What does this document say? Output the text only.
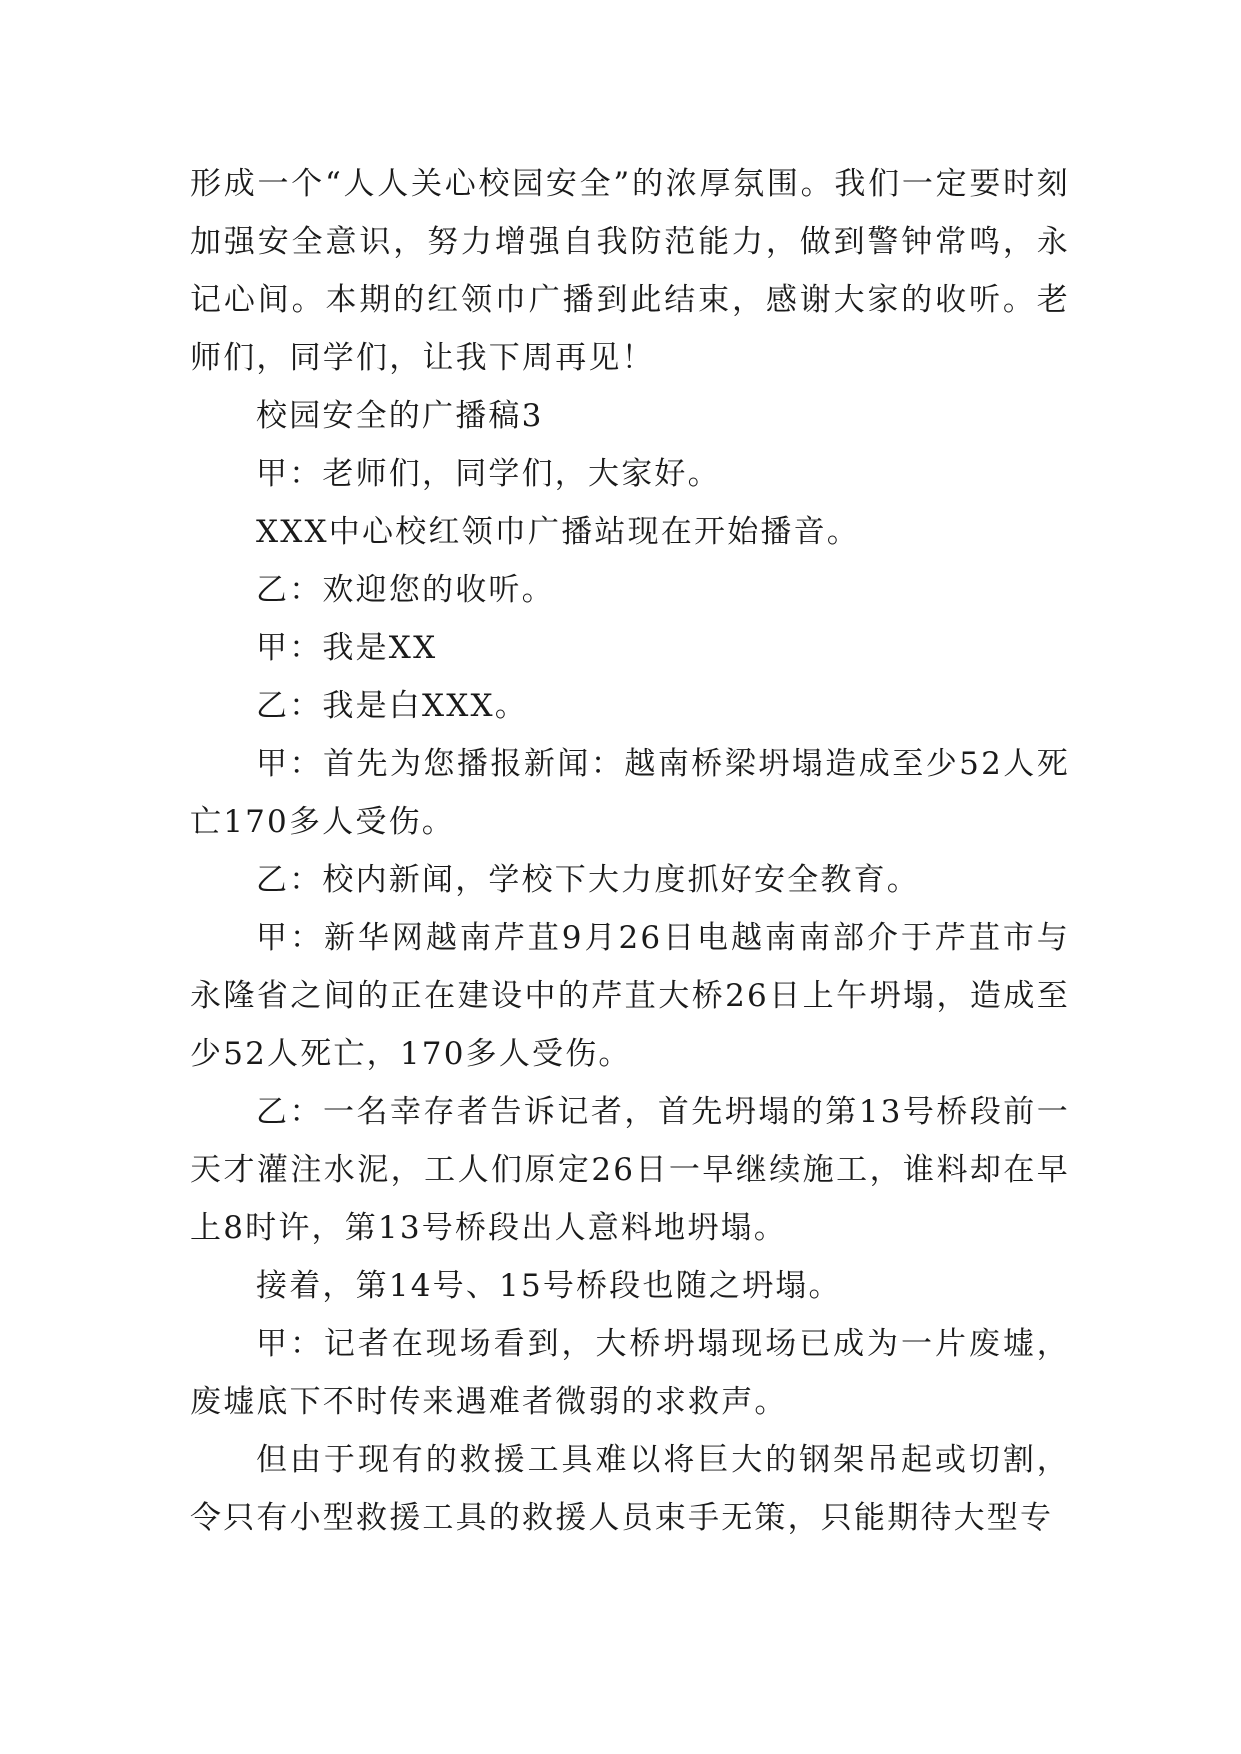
形成一个“人人关心校园安全”的浓厚氛围。我们一定要时刻加强安全意识，努力增强自我防范能力，做到警钟常鸣，永记心间。本期的红领巾广播到此结束，感谢大家的收听。老师们，同学们，让我下周再见！

校园安全的广播稿3

甲：老师们，同学们，大家好。

XXX中心校红领巾广播站现在开始播音。

乙：欢迎您的收听。

甲：我是XX

乙：我是白XXX。

甲：首先为您播报新闻：越南桥梁坍塌造成至少52人死亡170多人受伤。

乙：校内新闻，学校下大力度抓好安全教育。

甲：新华网越南芹苴9月26日电越南南部介于芹苴市与永隆省之间的正在建设中的芹苴大桥26日上午坍塌，造成至少52人死亡，170多人受伤。

乙：一名幸存者告诉记者，首先坍塌的第13号桥段前一天才灌注水泥，工人们原定26日一早继续施工，谁料却在早上8时许，第13号桥段出人意料地坍塌。

接着，第14号、15号桥段也随之坍塌。

甲：记者在现场看到，大桥坍塌现场已成为一片废墟，废墟底下不时传来遇难者微弱的求救声。

但由于现有的救援工具难以将巨大的钢架吊起或切割，令只有小型救援工具的救援人员束手无策，只能期待大型专
